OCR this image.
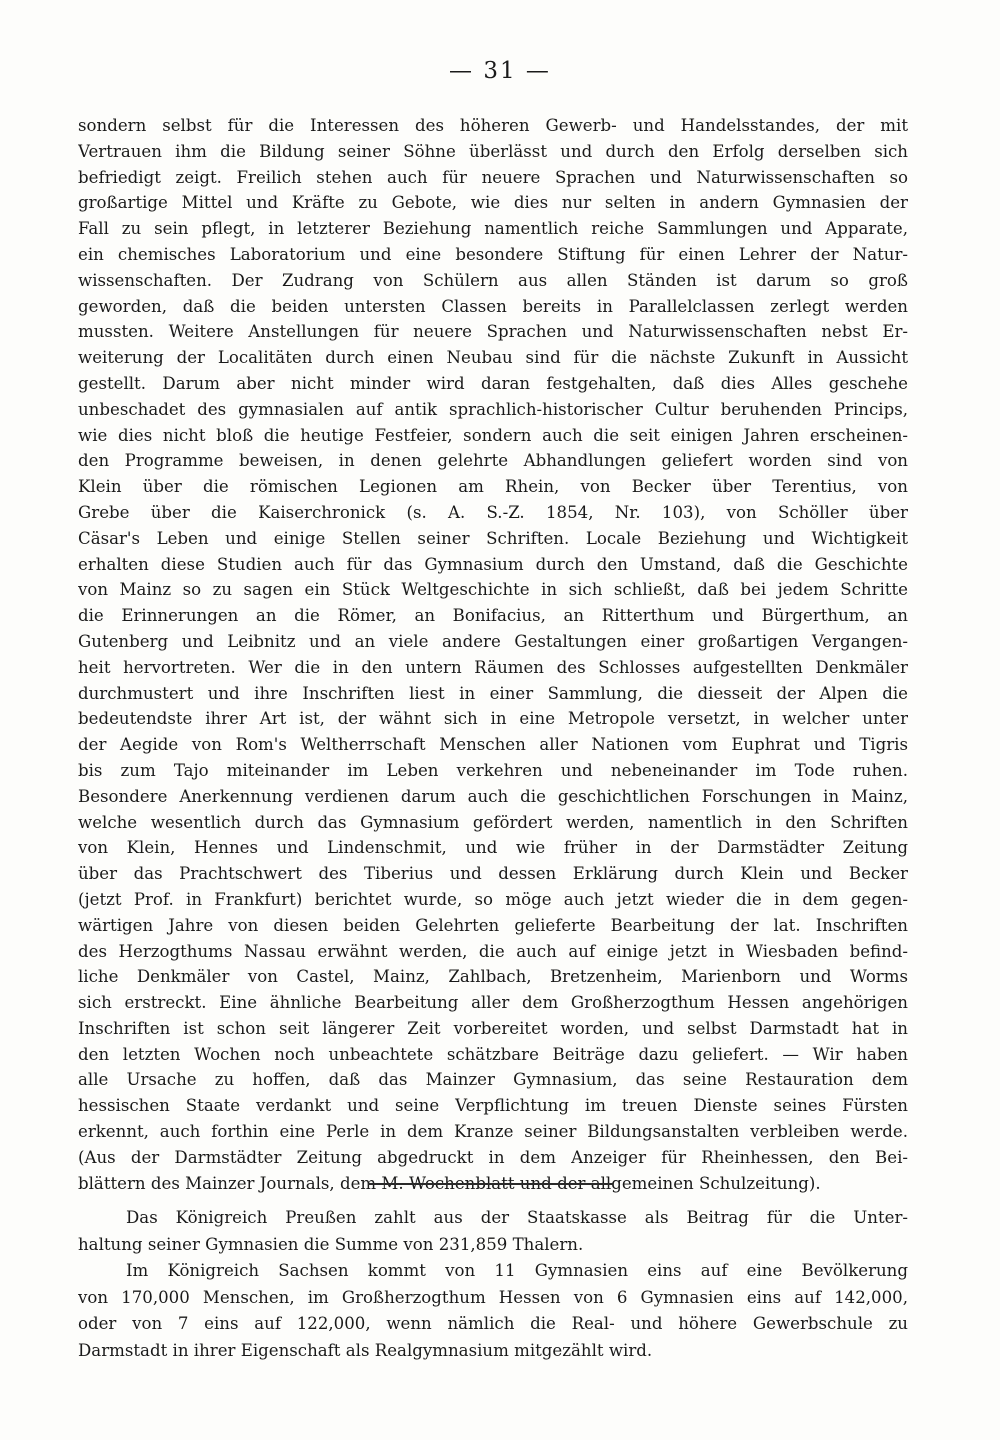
— 31 —
sondern selbst für die Interessen des höheren Gewerb- und Handelsstandes, der mit
Vertrauen ihm die Bildung seiner Söhne überlässt und durch den Erfolg derselben sich
befriedigt zeigt. Freilich stehen auch für neuere Sprachen und Naturwissenschaften so
großartige Mittel und Kräfte zu Gebote, wie dies nur selten in andern Gymnasien der
Fall zu sein pflegt, in letzterer Beziehung namentlich reiche Sammlungen und Apparate,
ein chemisches Laboratorium und eine besondere Stiftung für einen Lehrer der Natur-
wissenschaften. Der Zudrang von Schülern aus allen Ständen ist darum so groß
geworden, daß die beiden untersten Classen bereits in Parallelclassen zerlegt werden
mussten. Weitere Anstellungen für neuere Sprachen und Naturwissenschaften nebst Er-
weiterung der Localitäten durch einen Neubau sind für die nächste Zukunft in Aussicht
gestellt. Darum aber nicht minder wird daran festgehalten, daß dies Alles geschehe
unbeschadet des gymnasialen auf antik sprachlich-historischer Cultur beruhenden Princips,
wie dies nicht bloß die heutige Festfeier, sondern auch die seit einigen Jahren erscheinen-
den Programme beweisen, in denen gelehrte Abhandlungen geliefert worden sind von
Klein über die römischen Legionen am Rhein, von Becker über Terentius, von
Grebe über die Kaiserchronick (s. A. S.-Z. 1854, Nr. 103), von Schöller über
Cäsar's Leben und einige Stellen seiner Schriften. Locale Beziehung und Wichtigkeit
erhalten diese Studien auch für das Gymnasium durch den Umstand, daß die Geschichte
von Mainz so zu sagen ein Stück Weltgeschichte in sich schließt, daß bei jedem Schritte
die Erinnerungen an die Römer, an Bonifacius, an Ritterthum und Bürgerthum, an
Gutenberg und Leibnitz und an viele andere Gestaltungen einer großartigen Vergangen-
heit hervortreten. Wer die in den untern Räumen des Schlosses aufgestellten Denkmäler
durchmustert und ihre Inschriften liest in einer Sammlung, die diesseit der Alpen die
bedeutendste ihrer Art ist, der wähnt sich in eine Metropole versetzt, in welcher unter
der Aegide von Rom's Weltherrschaft Menschen aller Nationen vom Euphrat und Tigris
bis zum Tajo miteinander im Leben verkehren und nebeneinander im Tode ruhen.
Besondere Anerkennung verdienen darum auch die geschichtlichen Forschungen in Mainz,
welche wesentlich durch das Gymnasium gefördert werden, namentlich in den Schriften
von Klein, Hennes und Lindenschmit, und wie früher in der Darmstädter Zeitung
über das Prachtschwert des Tiberius und dessen Erklärung durch Klein und Becker
(jetzt Prof. in Frankfurt) berichtet wurde, so möge auch jetzt wieder die in dem gegen-
wärtigen Jahre von diesen beiden Gelehrten gelieferte Bearbeitung der lat. Inschriften
des Herzogthums Nassau erwähnt werden, die auch auf einige jetzt in Wiesbaden befind-
liche Denkmäler von Castel, Mainz, Zahlbach, Bretzenheim, Marienborn und Worms
sich erstreckt. Eine ähnliche Bearbeitung aller dem Großherzogthum Hessen angehörigen
Inschriften ist schon seit längerer Zeit vorbereitet worden, und selbst Darmstadt hat in
den letzten Wochen noch unbeachtete schätzbare Beiträge dazu geliefert. — Wir haben
alle Ursache zu hoffen, daß das Mainzer Gymnasium, das seine Restauration dem
hessischen Staate verdankt und seine Verpflichtung im treuen Dienste seines Fürsten
erkennt, auch forthin eine Perle in dem Kranze seiner Bildungsanstalten verbleiben werde.
(Aus der Darmstädter Zeitung abgedruckt in dem Anzeiger für Rheinhessen, den Bei-
blättern des Mainzer Journals, dem M. Wochenblatt und der allgemeinen Schulzeitung).
Das Königreich Preußen zahlt aus der Staatskasse als Beitrag für die Unter-
haltung seiner Gymnasien die Summe von 231,859 Thalern.
Im Königreich Sachsen kommt von 11 Gymnasien eins auf eine Bevölkerung
von 170,000 Menschen, im Großherzogthum Hessen von 6 Gymnasien eins auf 142,000,
oder von 7 eins auf 122,000, wenn nämlich die Real- und höhere Gewerbschule zu
Darmstadt in ihrer Eigenschaft als Realgymnasium mitgezählt wird.
